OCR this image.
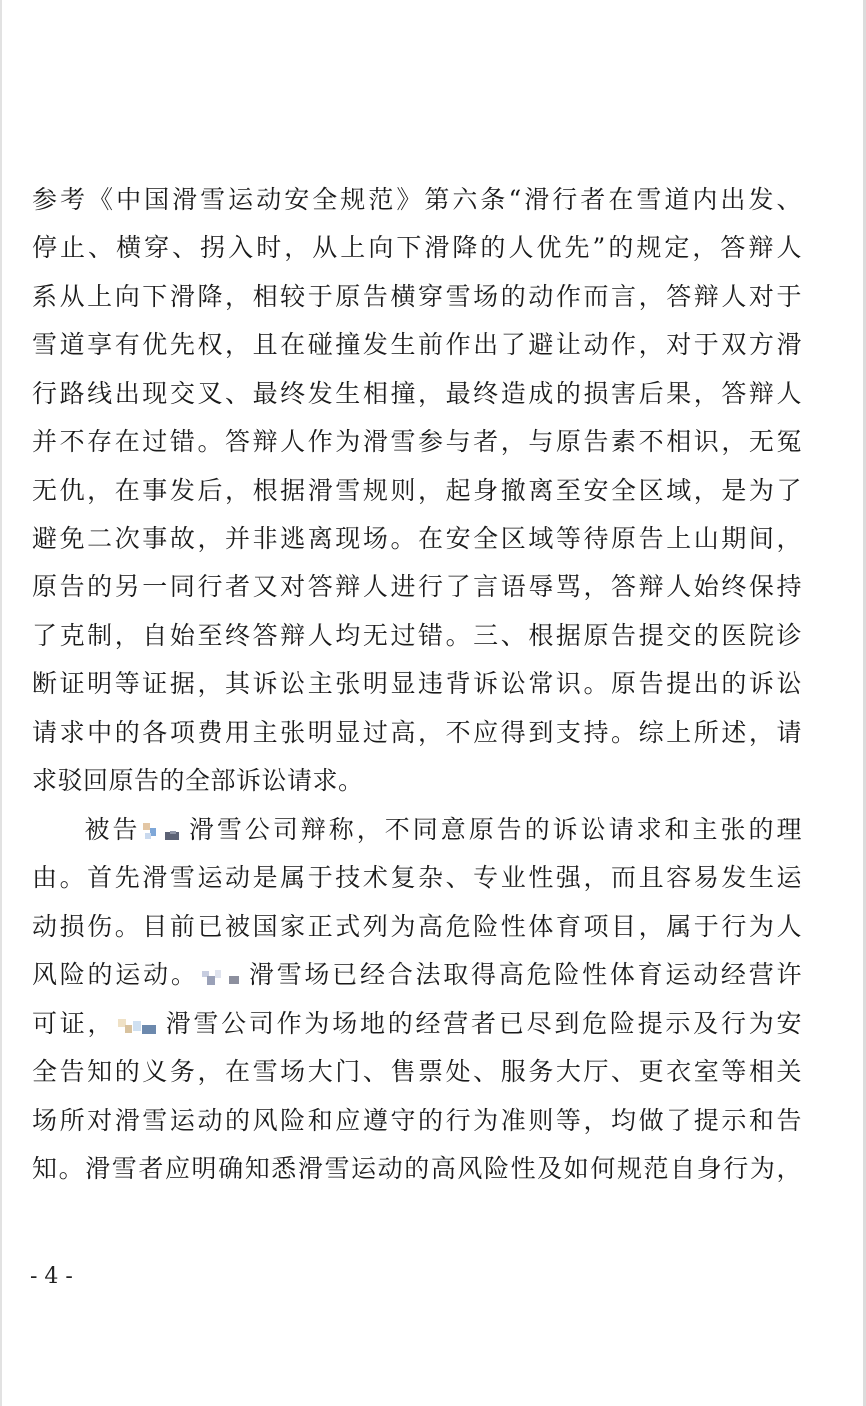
参考《中国滑雪运动安全规范》第六条“滑行者在雪道内出发、
停止、横穿、拐入时，从上向下滑降的人优先”的规定，答辩人
系从上向下滑降，相较于原告横穿雪场的动作而言，答辩人对于
雪道享有优先权，且在碰撞发生前作出了避让动作，对于双方滑
行路线出现交叉、最终发生相撞，最终造成的损害后果，答辩人
并不存在过错。答辩人作为滑雪参与者，与原告素不相识，无冤
无仇，在事发后，根据滑雪规则，起身撤离至安全区域，是为了
避免二次事故，并非逃离现场。在安全区域等待原告上山期间，
原告的另一同行者又对答辩人进行了言语辱骂，答辩人始终保持
了克制，自始至终答辩人均无过错。三、根据原告提交的医院诊
断证明等证据，其诉讼主张明显违背诉讼常识。原告提出的诉讼
请求中的各项费用主张明显过高，不应得到支持。综上所述，请
求驳回原告的全部诉讼请求。
被告 滑雪公司辩称，不同意原告的诉讼请求和主张的理
由。首先滑雪运动是属于技术复杂、专业性强，而且容易发生运
动损伤。目前已被国家正式列为高危险性体育项目，属于行为人
风险的运动。 滑雪场已经合法取得高危险性体育运动经营许
可证， 滑雪公司作为场地的经营者已尽到危险提示及行为安
全告知的义务，在雪场大门、售票处、服务大厅、更衣室等相关
场所对滑雪运动的风险和应遵守的行为准则等，均做了提示和告
知。滑雪者应明确知悉滑雪运动的高风险性及如何规范自身行为，
- 4 -
